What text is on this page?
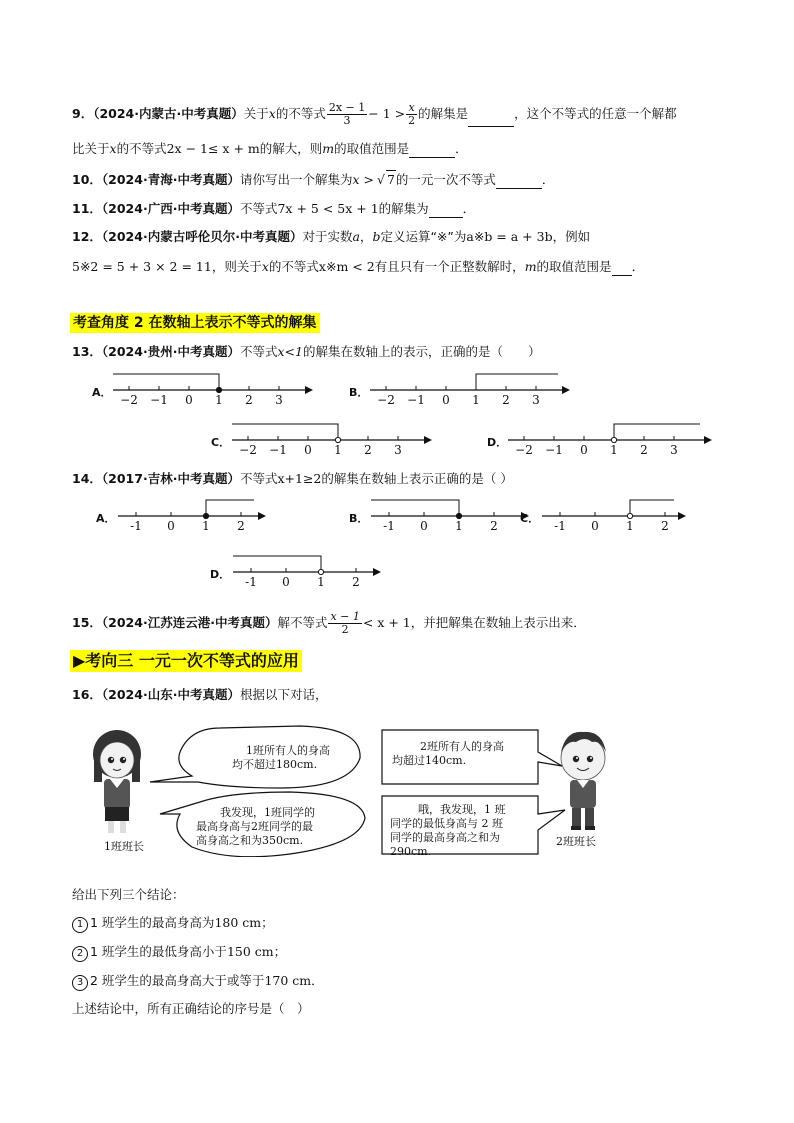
9．（2024·内蒙古·中考真题）关于x的不等式 $\frac{2x - 1}{3} - 1 > \frac{x}{2}$ 的解集是	，这个不等式的任意一个解都
比关于x的不等式2x − 1≤ x + m的解大，则m的取值范围是	．
10．（2024·青海·中考真题）请你写出一个解集为x > √ 7的一元一次不等式	．
11．（2024·广西·中考真题）不等式7x + 5 < 5x + 1的解集为	．
12．（2024·内蒙古呼伦贝尔·中考真题）对于实数a，b定义运算“※”为a※b = a + 3b，例如
5※2 = 5 + 3 × 2 = 11，则关于x的不等式x※m < 2有且只有一个正整数解时，m的取值范围是 ．
考查角度 2 在数轴上表示不等式的解集
13．（2024·贵州·中考真题）不等式x<1的解集在数轴上的表示，正确的是（　　）
A．
−2 −1 0 1 2 3
B．
−2 −1 0 1 2 3
C．
−2 −1 0 1 2 3
D．
−2 −1 0 1 2 3
14．（2017·吉林·中考真题）不等式x+1≥2的解集在数轴上表示正确的是（ ）
A．
-1 0 1 2
B．
-1 0 1 2
C．
-1 0 1 2
D．
-1 0 1 2
15．（2024·江苏连云港·中考真题）解不等式 $\frac{x - 1}{2} < x + 1$，并把解集在数轴上表示出来．
▶考向三 一元一次不等式的应用
16．（2024·山东·中考真题）根据以下对话，
1班所有人的身高
均不超过180cm.
我发现，1班同学的
最高身高与2班同学的最
高身高之和为350cm.
2班所有人的身高
均超过140cm.
哦，我发现，1 班
同学的最低身高与 2 班
同学的最高身高之和为
290cm.
1班班长	2班班长
给出下列三个结论：
1 1 班学生的最高身高为180 cm；
2 1 班学生的最低身高小于150 cm；
3 2 班学生的最高身高大于或等于170 cm．
上述结论中，所有正确结论的序号是（　）
